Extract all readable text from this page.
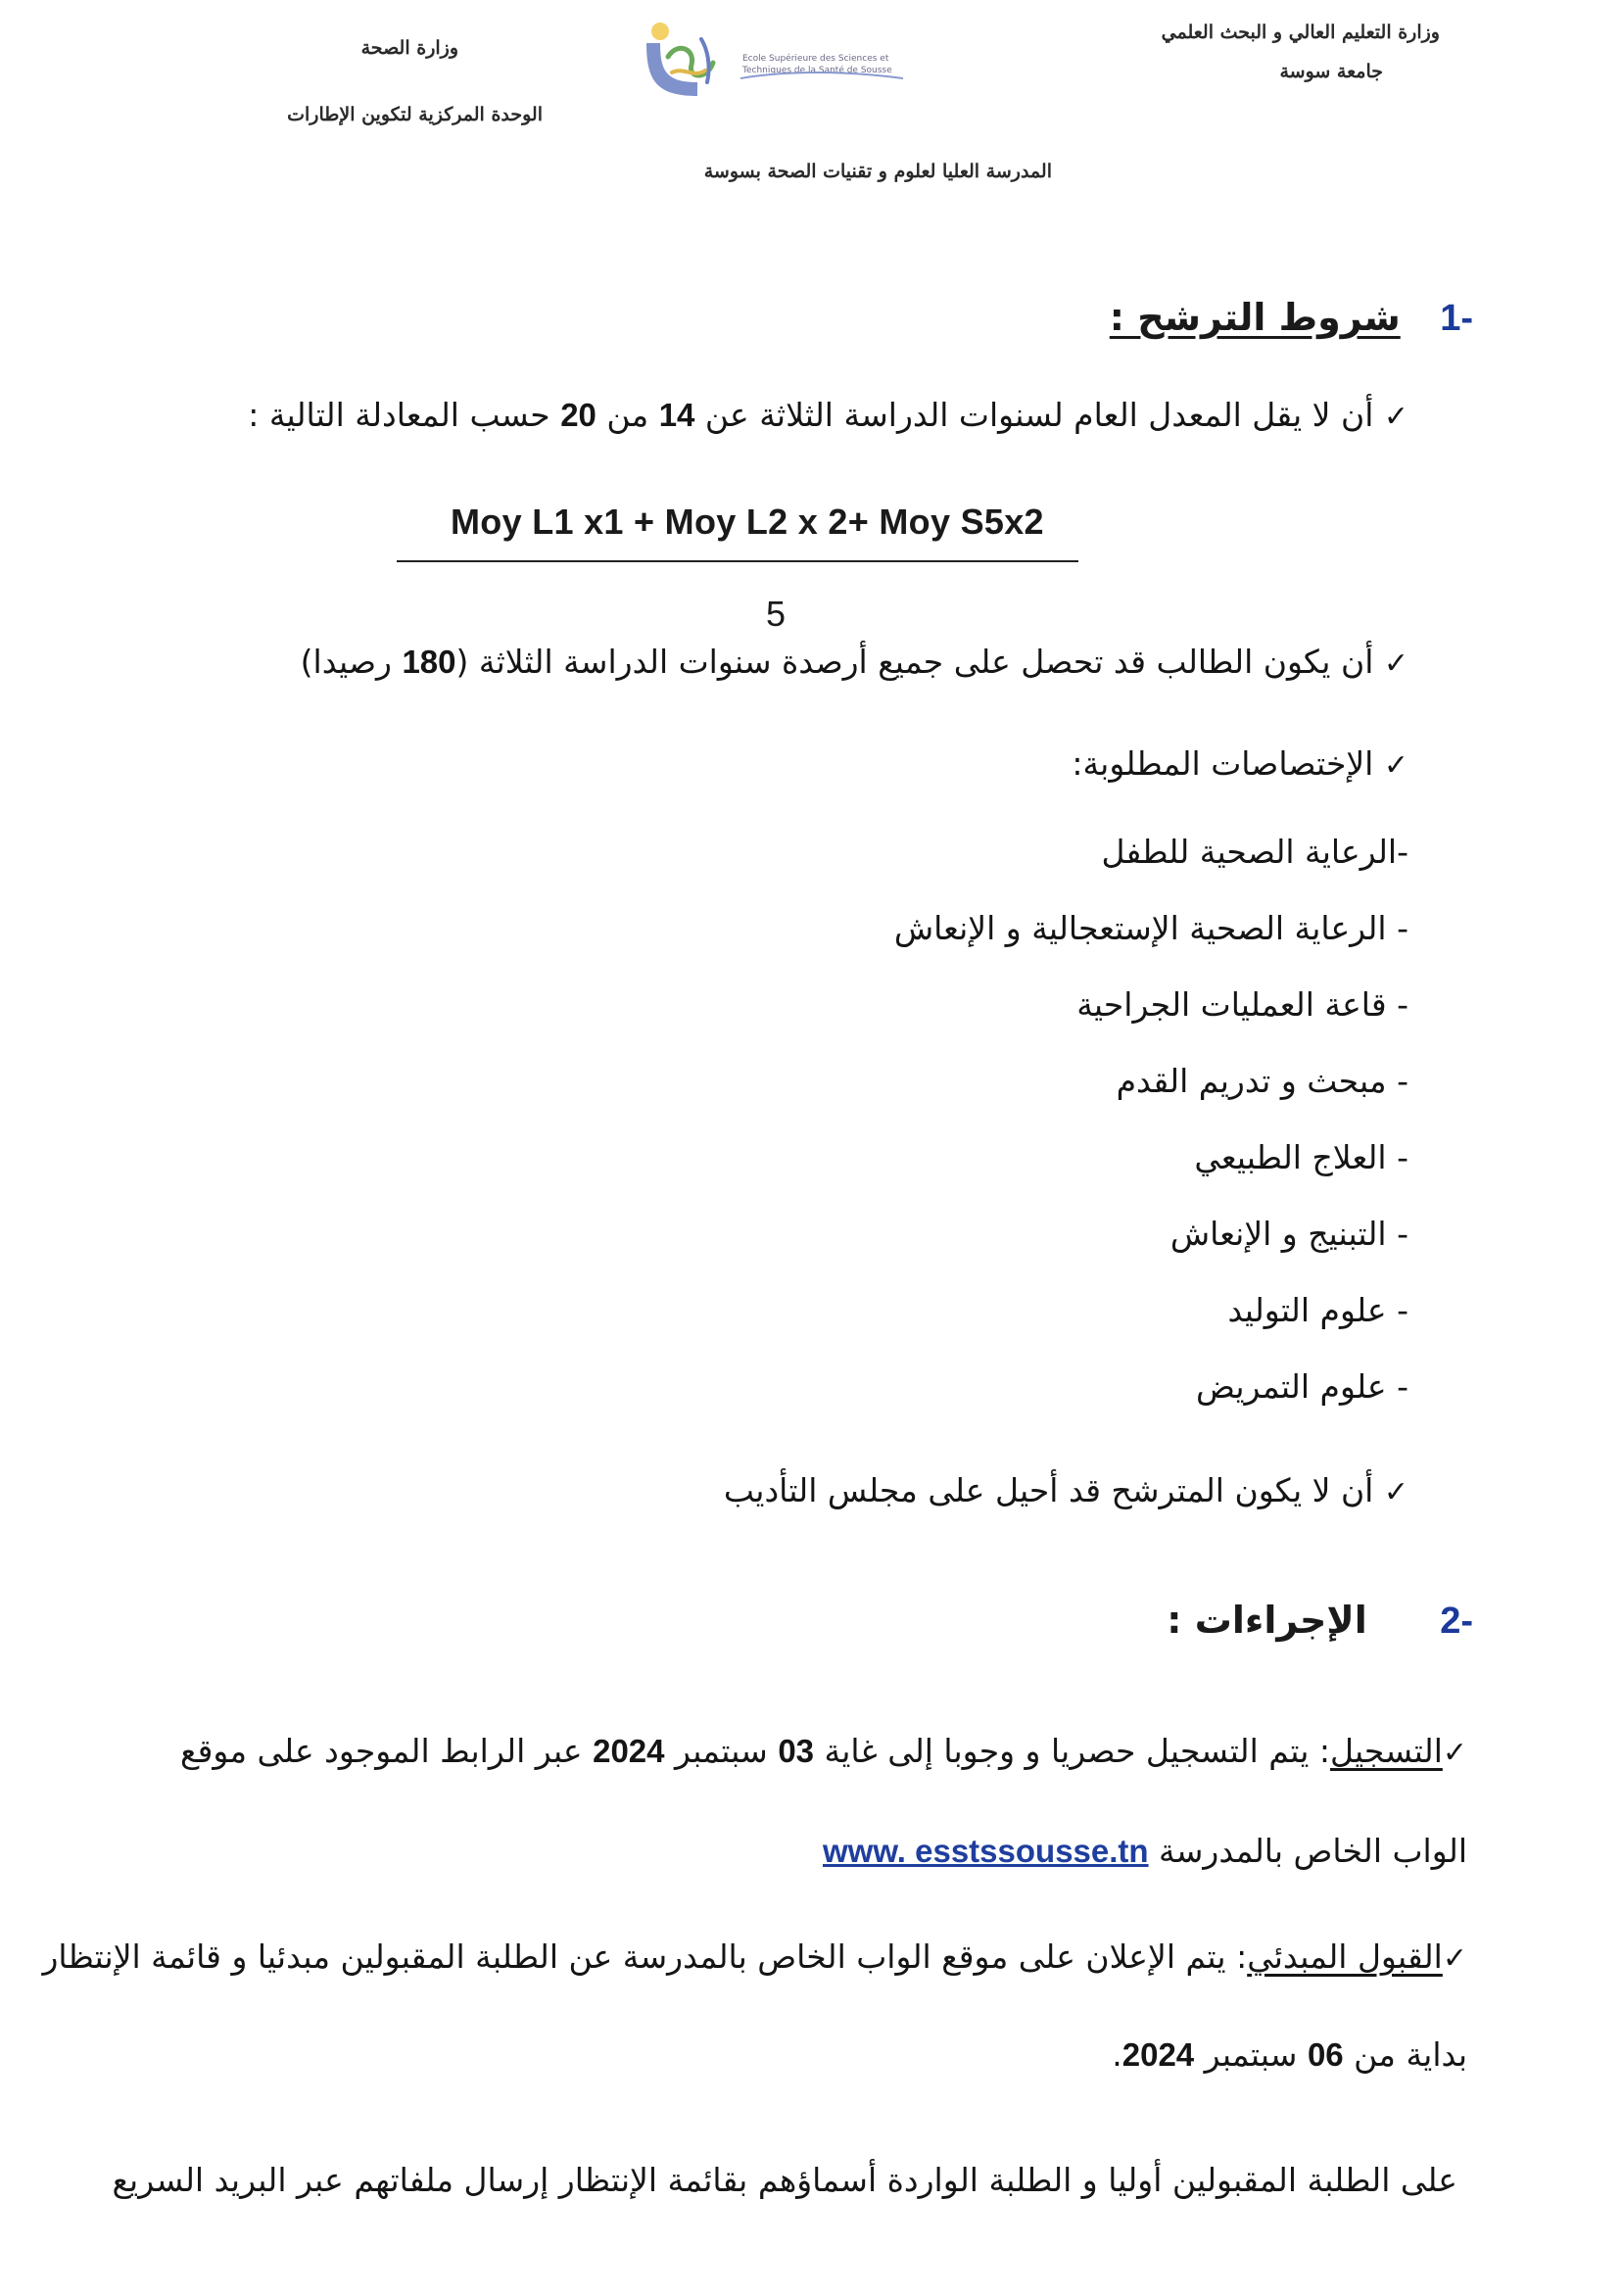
وزارة التعليم العالي و البحث العلمي
جامعة سوسة
وزارة الصحة
الوحدة المركزية لتكوين الإطارات
المدرسة العليا لعلوم و تقنيات الصحة بسوسة
Ecole Supérieure des Sciences et
Techniques de la Santé de Sousse
-1  شروط الترشح :
✓ أن لا يقل المعدل العام لسنوات الدراسة الثلاثة عن 14 من 20 حسب المعادلة التالية :
Moy L1 x1 + Moy L2 x 2+ Moy S5x2
5
✓ أن يكون الطالب قد تحصل على جميع أرصدة سنوات الدراسة الثلاثة (180 رصيدا)
✓ الإختصاصات المطلوبة:
-الرعاية الصحية للطفل
- الرعاية الصحية الإستعجالية و الإنعاش
- قاعة العمليات الجراحية
- مبحث و تدريم القدم
- العلاج الطبيعي
- التبنيج و الإنعاش
- علوم التوليد
- علوم التمريض
✓ أن لا يكون المترشح قد أحيل على مجلس التأديب
-2  الإجراءات :
✓التسجيل: يتم التسجيل حصريا و وجوبا إلى غاية 03 سبتمبر 2024 عبر الرابط الموجود على موقع
الواب الخاص بالمدرسة www. esstssousse.tn
✓القبول المبدئي: يتم الإعلان على موقع الواب الخاص بالمدرسة عن الطلبة المقبولين مبدئيا و قائمة الإنتظار
بداية من 06 سبتمبر 2024.
على الطلبة المقبولين أوليا و الطلبة الواردة أسماؤهم بقائمة الإنتظار إرسال ملفاتهم عبر البريد السريع
